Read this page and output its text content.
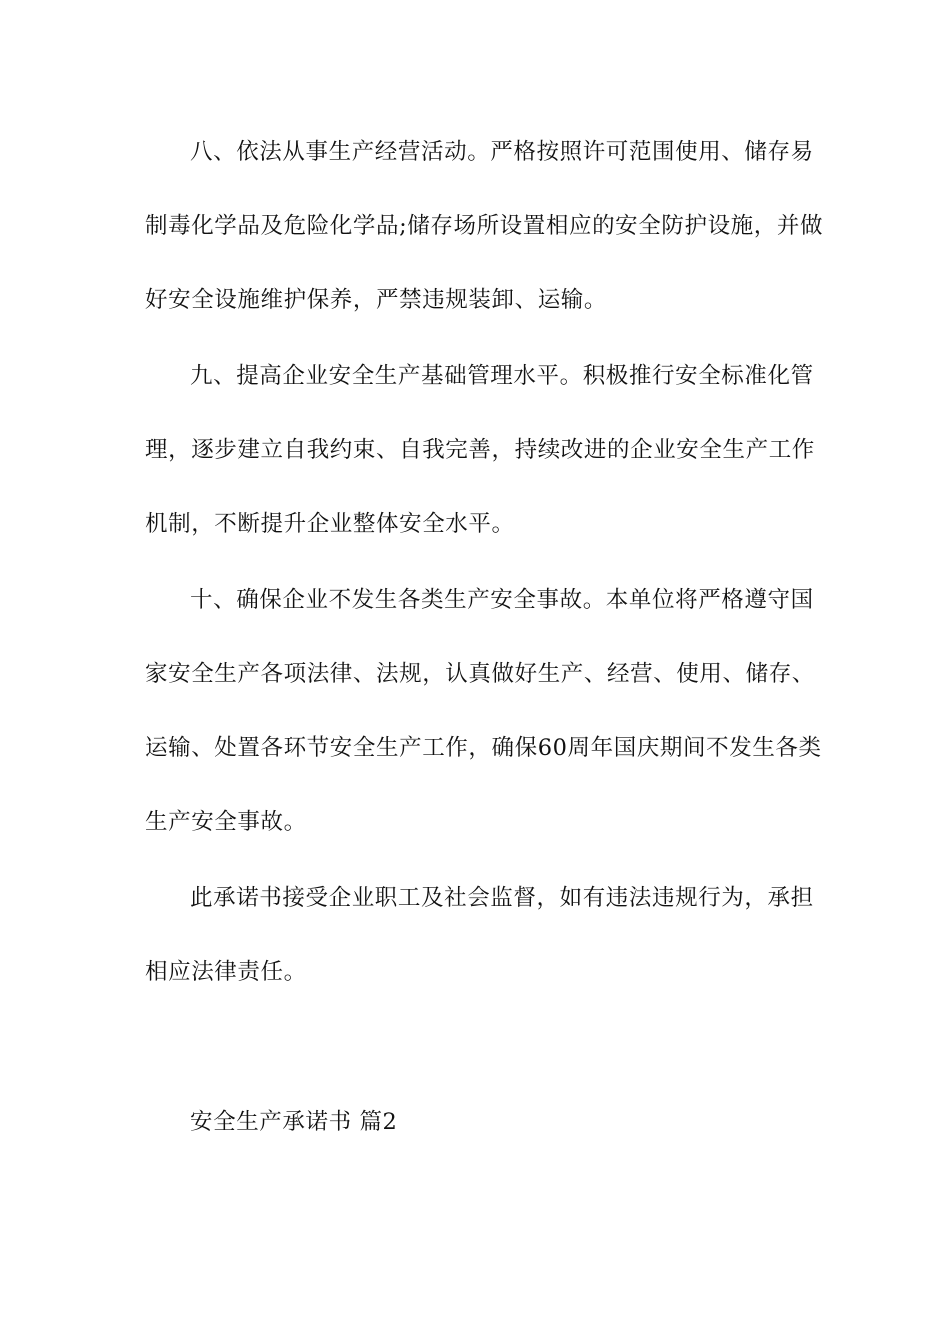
八、依法从事生产经营活动。严格按照许可范围使用、储存易
制毒化学品及危险化学品;储存场所设置相应的安全防护设施，并做
好安全设施维护保养，严禁违规装卸、运输。
九、提高企业安全生产基础管理水平。积极推行安全标准化管
理，逐步建立自我约束、自我完善，持续改进的企业安全生产工作
机制，不断提升企业整体安全水平。
十、确保企业不发生各类生产安全事故。本单位将严格遵守国
家安全生产各项法律、法规，认真做好生产、经营、使用、储存、
运输、处置各环节安全生产工作，确保60周年国庆期间不发生各类
生产安全事故。
此承诺书接受企业职工及社会监督，如有违法违规行为，承担
相应法律责任。
安全生产承诺书 篇2
